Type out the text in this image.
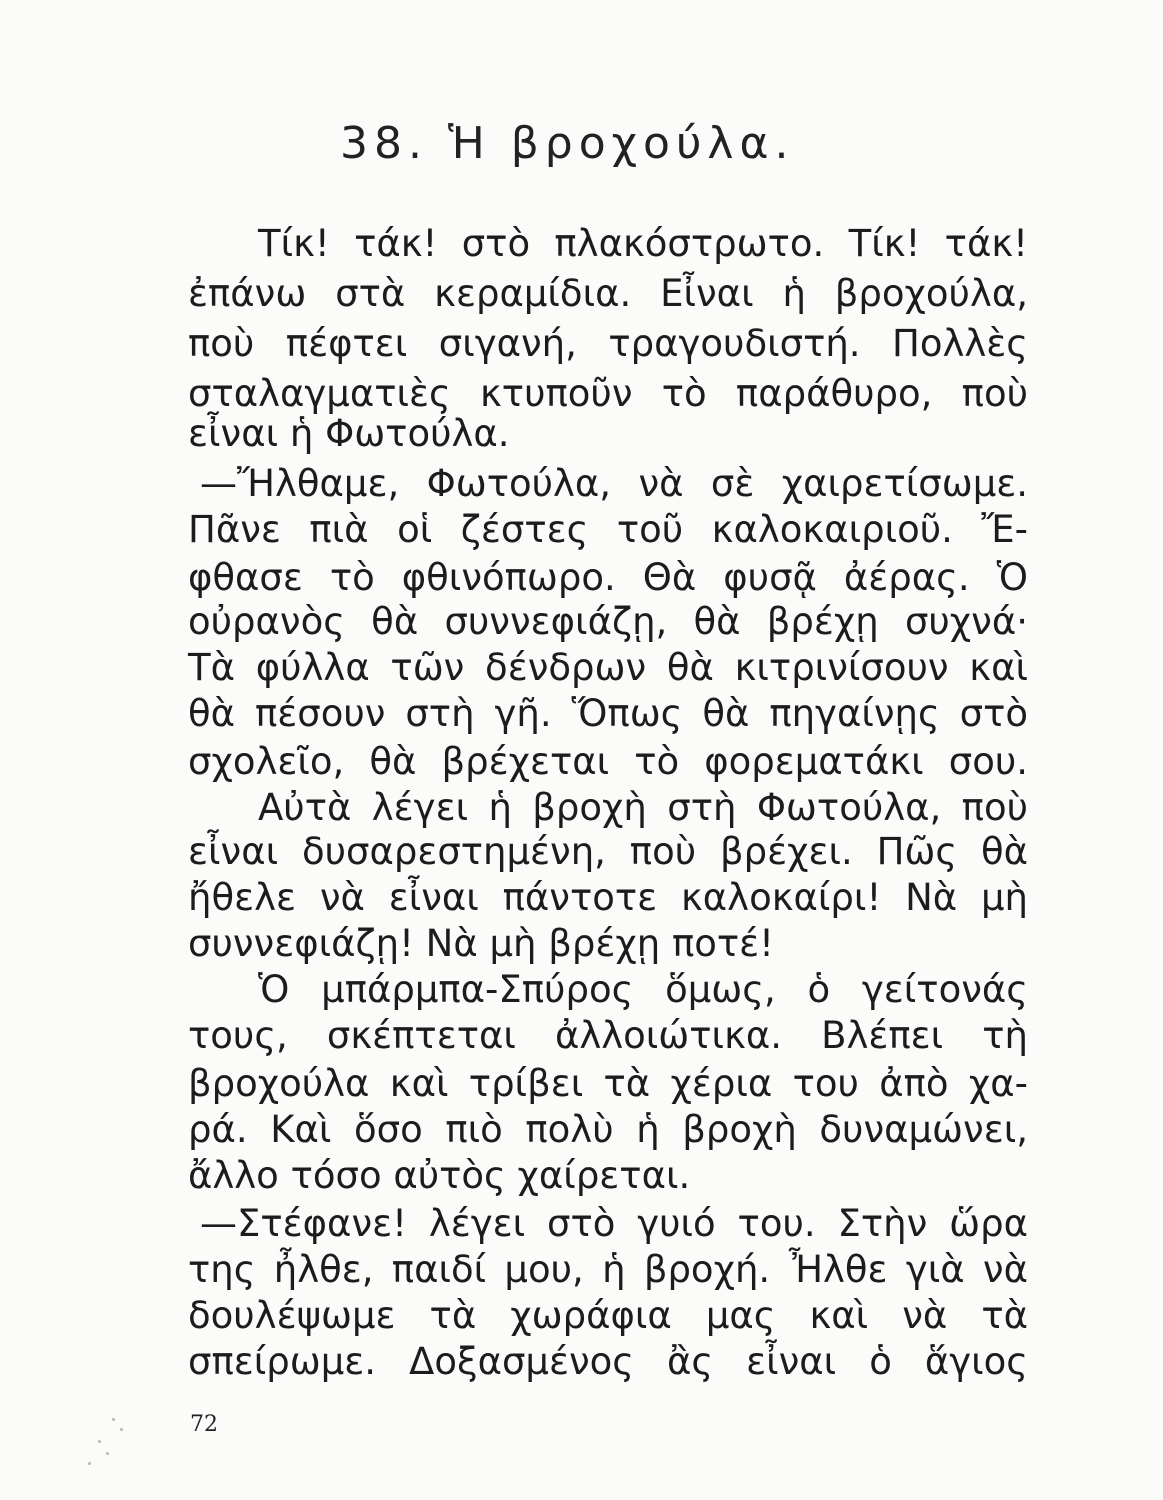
38. Ἡ βροχούλα.
Τίκ! τάκ! στὸ πλακόστρωτο. Τίκ! τάκ!
ἐπάνω στὰ κεραμίδια. Εἶναι ἡ βροχούλα,
ποὺ πέφτει σιγανή, τραγουδιστή. Πολλὲς
σταλαγματιὲς κτυποῦν τὸ παράθυρο, ποὺ
εἶναι ἡ Φωτούλα.
—Ἤλθαμε, Φωτούλα, νὰ σὲ χαιρετίσωμε.
Πᾶνε πιὰ οἱ ζέστες τοῦ καλοκαιριοῦ. Ἔ-
φθασε τὸ φθινόπωρο. Θὰ φυσᾷ ἀέρας. Ὁ
οὐρανὸς θὰ συννεφιάζῃ, θὰ βρέχῃ συχνά·
Τὰ φύλλα τῶν δένδρων θὰ κιτρινίσουν καὶ
θὰ πέσουν στὴ γῆ. Ὅπως θὰ πηγαίνῃς στὸ
σχολεῖο, θὰ βρέχεται τὸ φορεματάκι σου.
Αὐτὰ λέγει ἡ βροχὴ στὴ Φωτούλα, ποὺ
εἶναι δυσαρεστημένη, ποὺ βρέχει. Πῶς θὰ
ἤθελε νὰ εἶναι πάντοτε καλοκαίρι! Νὰ μὴ
συννεφιάζῃ! Νὰ μὴ βρέχῃ ποτέ!
Ὁ μπάρμπα-Σπύρος ὅμως, ὁ γείτονάς
τους, σκέπτεται ἀλλοιώτικα. Βλέπει τὴ
βροχούλα καὶ τρίβει τὰ χέρια του ἀπὸ χα-
ρά. Καὶ ὅσο πιὸ πολὺ ἡ βροχὴ δυναμώνει,
ἄλλο τόσο αὐτὸς χαίρεται.
—Στέφανε! λέγει στὸ γυιό του. Στὴν ὥρα
της ἦλθε, παιδί μου, ἡ βροχή. Ἦλθε γιὰ νὰ
δουλέψωμε τὰ χωράφια μας καὶ νὰ τὰ
σπείρωμε. Δοξασμένος ἂς εἶναι ὁ ἅγιος
72
